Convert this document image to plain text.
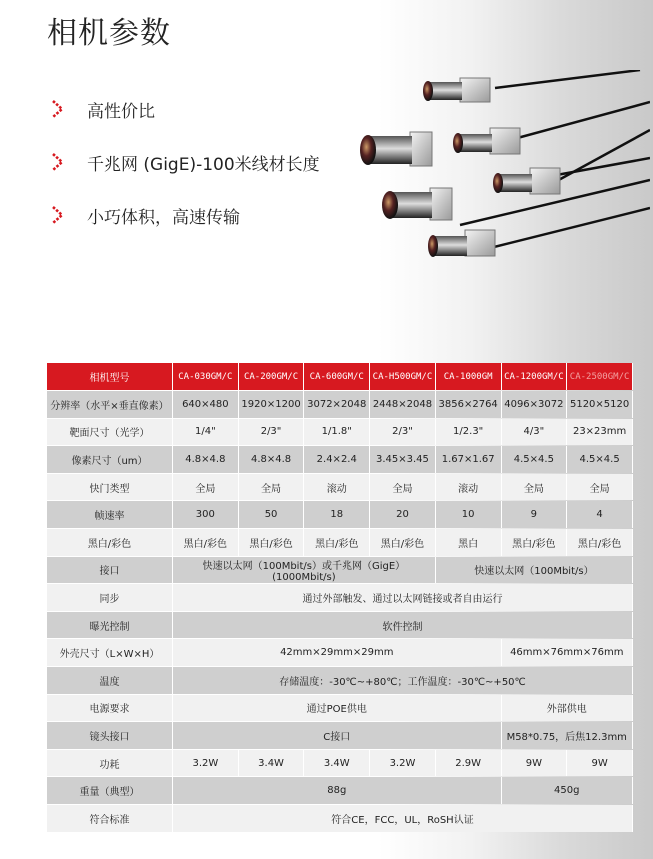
相机参数
高性价比
千兆网 (GigE)-100米线材长度
小巧体积，高速传输
相机型号	CA-030GM/C	CA-200GM/C	CA-600GM/C	CA-H500GM/C	CA-1000GM	CA-1200GM/C	CA-2500GM/C
分辨率（水平×垂直像素）	640×480	1920×1200	3072×2048	2448×2048	3856×2764	4096×3072	5120×5120
靶面尺寸（光学）	1/4"	2/3"	1/1.8"	2/3"	1/2.3"	4/3"	23×23mm
像素尺寸（um）	4.8×4.8	4.8×4.8	2.4×2.4	3.45×3.45	1.67×1.67	4.5×4.5	4.5×4.5
快门类型	全局	全局	滚动	全局	滚动	全局	全局
帧速率	300	50	18	20	10	9	4
黑白/彩色	黑白/彩色	黑白/彩色	黑白/彩色	黑白/彩色	黑白	黑白/彩色	黑白/彩色
接口	快速以太网（100Mbit/s）或千兆网（GigE）(1000Mbit/s)				快速以太网（100Mbit/s）		
同步	通过外部触发、通过以太网链接或者自由运行						
曝光控制	软件控制						
外壳尺寸（L×W×H）	42mm×29mm×29mm					46mm×76mm×76mm	
温度	存储温度：-30℃~+80℃；工作温度：-30℃~+50℃						
电源要求	通过POE供电					外部供电	
镜头接口	C接口					M58*0.75，后焦12.3mm	
功耗	3.2W	3.4W	3.4W	3.2W	2.9W	9W	9W
重量（典型）	88g					450g	
符合标准	符合CE，FCC，UL，RoSH认证						
